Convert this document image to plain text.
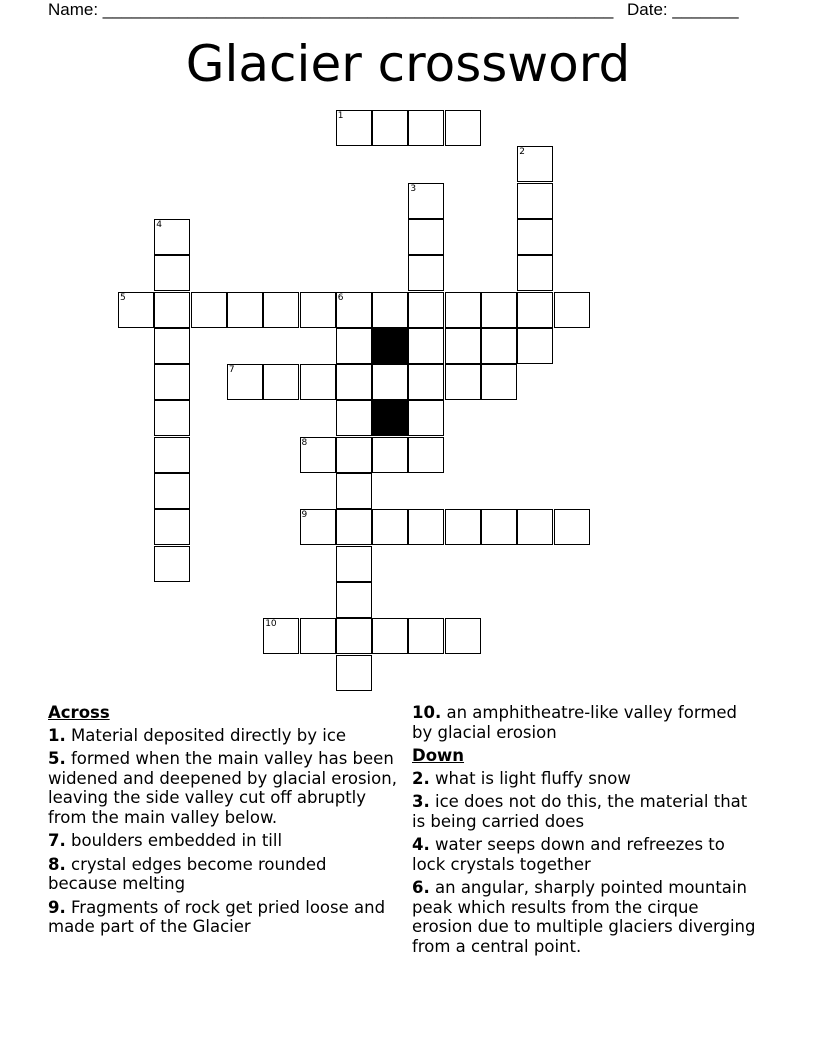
Name: ______________________________________________________ Date: _______
Glacier crossword
1
2
3
4
5	6
7
8
9
10
Across
1. Material deposited directly by ice
5. formed when the main valley has been widened and deepened by glacial erosion, leaving the side valley cut off abruptly from the main valley below.
7. boulders embedded in till
8. crystal edges become rounded because melting
9. Fragments of rock get pried loose and made part of the Glacier
10. an amphitheatre-like valley formed by glacial erosion
Down
2. what is light fluffy snow
3. ice does not do this, the material that is being carried does
4. water seeps down and refreezes to lock crystals together
6. an angular, sharply pointed mountain peak which results from the cirque erosion due to multiple glaciers diverging from a central point.
